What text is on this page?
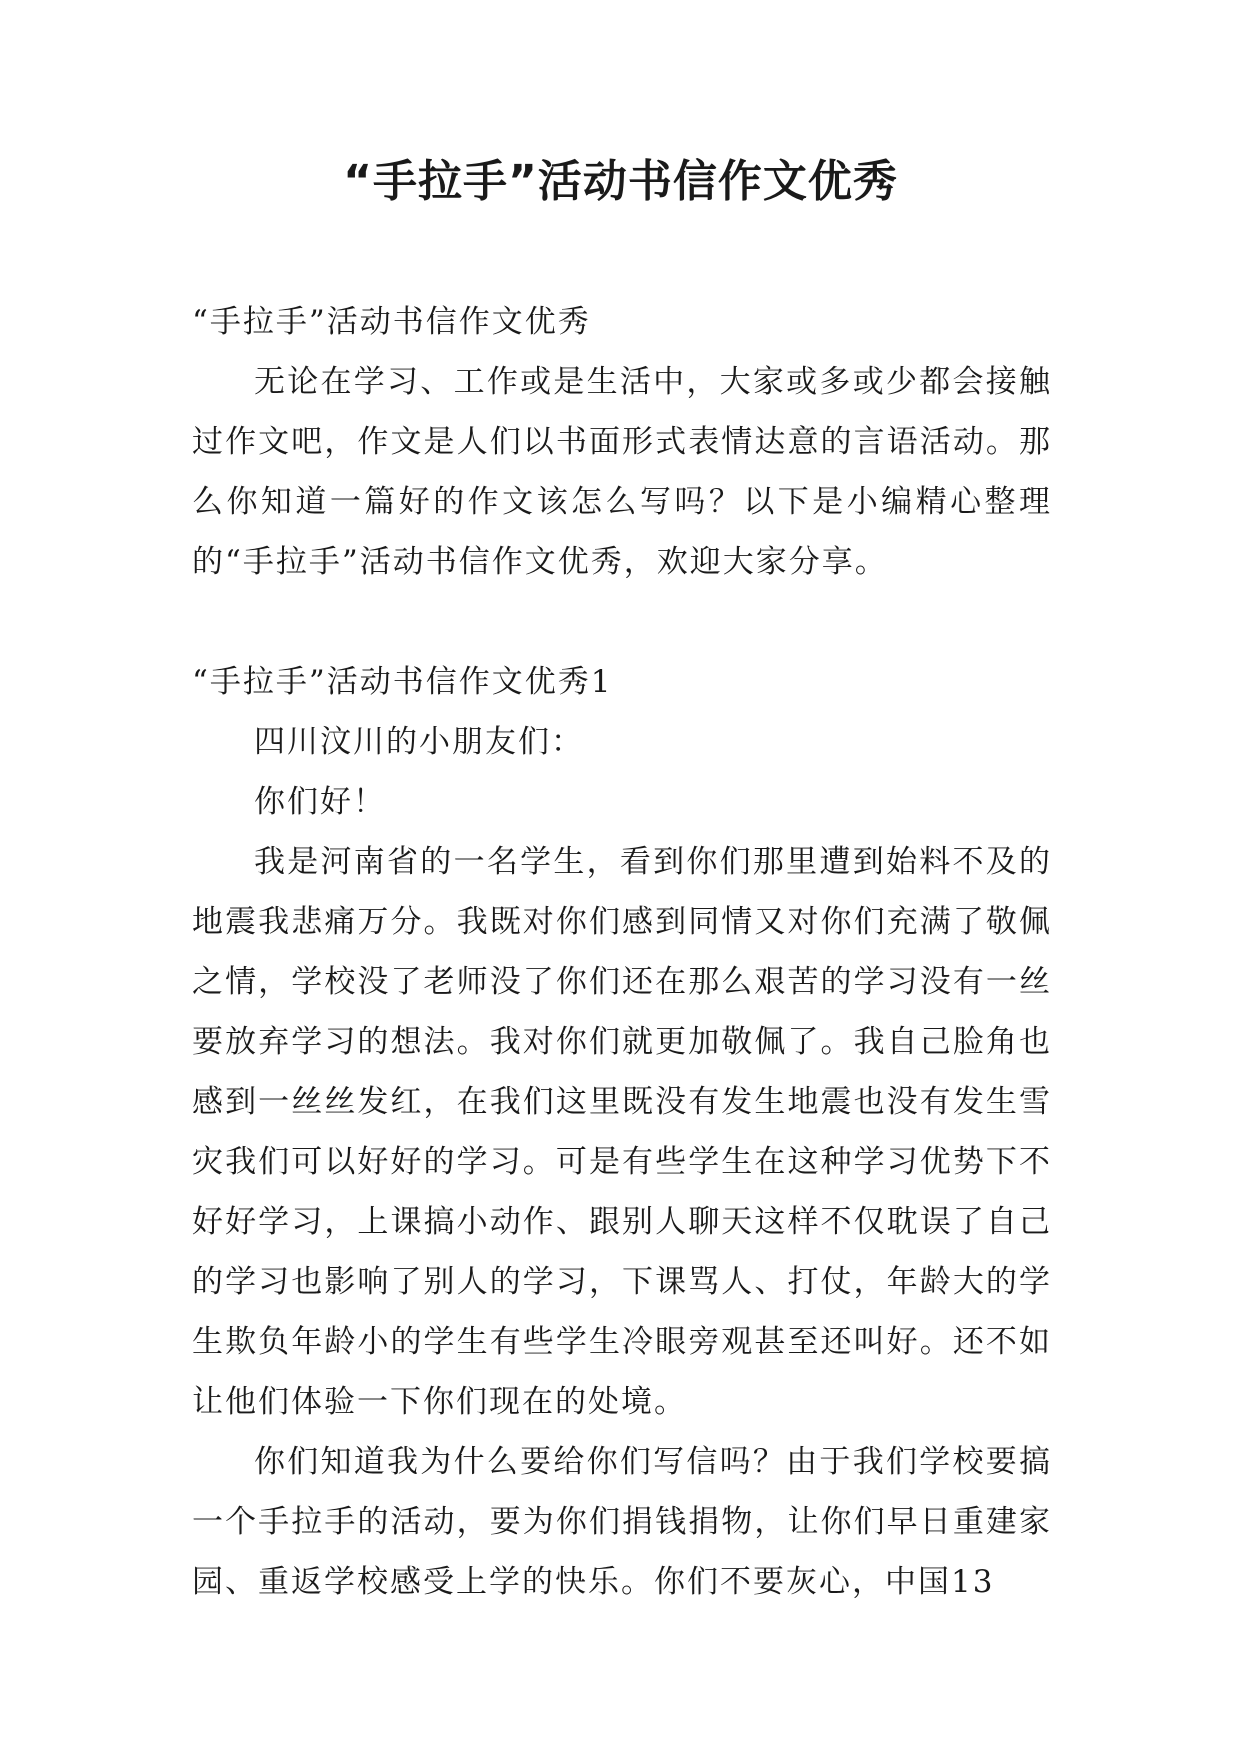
“手拉手”活动书信作文优秀

“手拉手”活动书信作文优秀

无论在学习、工作或是生活中，大家或多或少都会接触过作文吧，作文是人们以书面形式表情达意的言语活动。那么你知道一篇好的作文该怎么写吗？以下是小编精心整理的“手拉手”活动书信作文优秀，欢迎大家分享。

“手拉手”活动书信作文优秀1

四川汶川的小朋友们：

你们好！

我是河南省的一名学生，看到你们那里遭到始料不及的地震我悲痛万分。我既对你们感到同情又对你们充满了敬佩之情，学校没了老师没了你们还在那么艰苦的学习没有一丝要放弃学习的想法。我对你们就更加敬佩了。我自己脸角也感到一丝丝发红，在我们这里既没有发生地震也没有发生雪灾我们可以好好的学习。可是有些学生在这种学习优势下不好好学习，上课搞小动作、跟别人聊天这样不仅耽误了自己的学习也影响了别人的学习，下课骂人、打仗，年龄大的学生欺负年龄小的学生有些学生冷眼旁观甚至还叫好。还不如让他们体验一下你们现在的处境。

你们知道我为什么要给你们写信吗？由于我们学校要搞一个手拉手的活动，要为你们捐钱捐物，让你们早日重建家园、重返学校感受上学的快乐。你们不要灰心，中国13
